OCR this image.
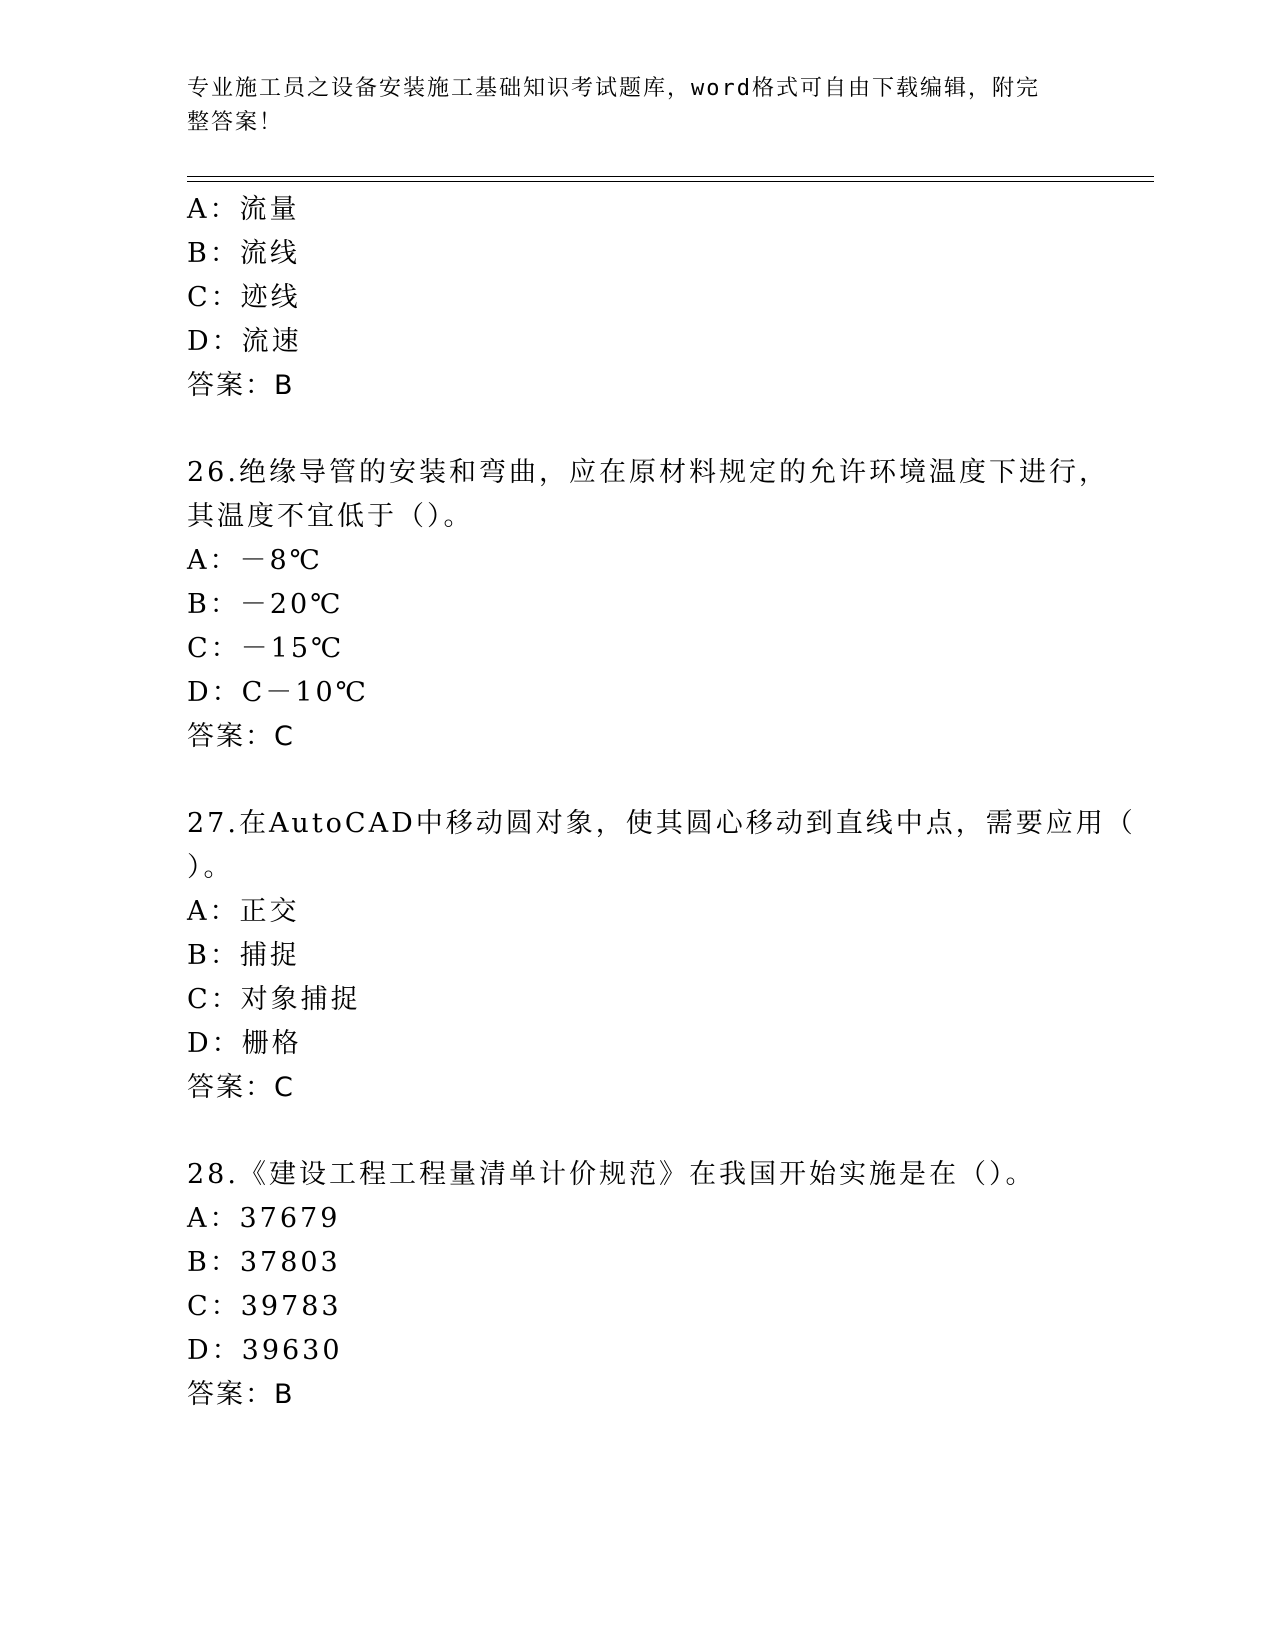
专业施工员之设备安装施工基础知识考试题库，word格式可自由下载编辑，附完
整答案！
A：流量
B：流线
C：迹线
D：流速
答案：B
26.绝缘导管的安装和弯曲，应在原材料规定的允许环境温度下进行，
其温度不宜低于（）。
A：－8℃
B：－20℃
C：－15℃
D：C－10℃
答案：C
27.在AutoCAD中移动圆对象，使其圆心移动到直线中点，需要应用（
）。
A：正交
B：捕捉
C：对象捕捉
D：栅格
答案：C
28.《建设工程工程量清单计价规范》在我国开始实施是在（）。
A：37679
B：37803
C：39783
D：39630
答案：B
